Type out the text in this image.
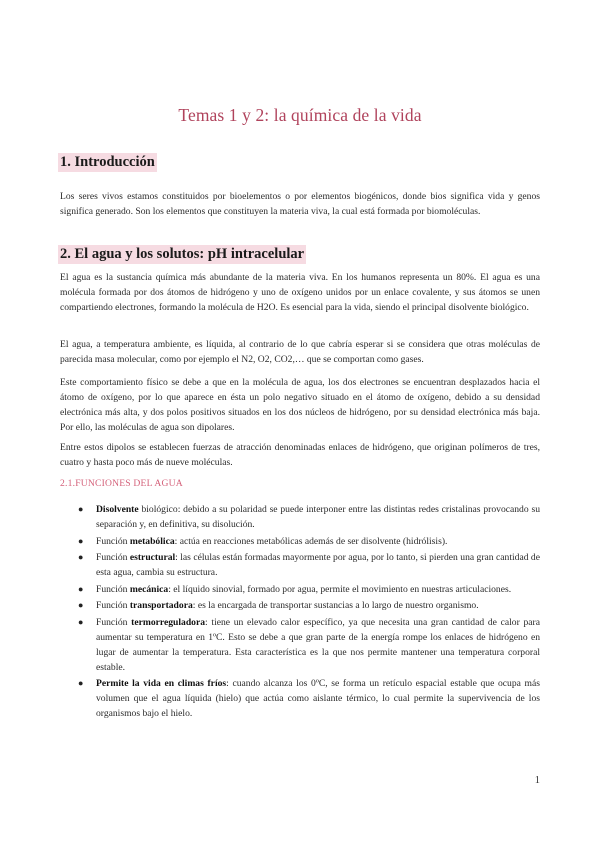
Temas 1 y 2: la química de la vida
1. Introducción

Los seres vivos estamos constituidos por bioelementos o por elementos biogénicos, donde bios significa vida y genos significa generado. Son los elementos que constituyen la materia viva, la cual está formada por biomoléculas.

2. El agua y los solutos: pH intracelular

El agua es la sustancia química más abundante de la materia viva. En los humanos representa un 80%. El agua es una molécula formada por dos átomos de hidrógeno y uno de oxígeno unidos por un enlace covalente, y sus átomos se unen compartiendo electrones, formando la molécula de H2O. Es esencial para la vida, siendo el principal disolvente biológico.

El agua, a temperatura ambiente, es líquida, al contrario de lo que cabría esperar si se considera que otras moléculas de parecida masa molecular, como por ejemplo el N2, O2, CO2,… que se comportan como gases.

Este comportamiento físico se debe a que en la molécula de agua, los dos electrones se encuentran desplazados hacia el átomo de oxígeno, por lo que aparece en ésta un polo negativo situado en el átomo de oxígeno, debido a su densidad electrónica más alta, y dos polos positivos situados en los dos núcleos de hidrógeno, por su densidad electrónica más baja. Por ello, las moléculas de agua son dipolares.

Entre estos dipolos se establecen fuerzas de atracción denominadas enlaces de hidrógeno, que originan polímeros de tres, cuatro y hasta poco más de nueve moléculas.

2.1.FUNCIONES DEL AGUA
● Disolvente biológico: debido a su polaridad se puede interponer entre las distintas redes cristalinas provocando su separación y, en definitiva, su disolución.
● Función metabólica: actúa en reacciones metabólicas además de ser disolvente (hidrólisis).
● Función estructural: las células están formadas mayormente por agua, por lo tanto, si pierden una gran cantidad de esta agua, cambia su estructura.
● Función mecánica: el líquido sinovial, formado por agua, permite el movimiento en nuestras articulaciones.
● Función transportadora: es la encargada de transportar sustancias a lo largo de nuestro organismo.
● Función termorreguladora: tiene un elevado calor específico, ya que necesita una gran cantidad de calor para aumentar su temperatura en 1ºC. Esto se debe a que gran parte de la energía rompe los enlaces de hidrógeno en lugar de aumentar la temperatura. Esta característica es la que nos permite mantener una temperatura corporal estable.
● Permite la vida en climas fríos: cuando alcanza los 0ºC, se forma un retículo espacial estable que ocupa más volumen que el agua líquida (hielo) que actúa como aislante térmico, lo cual permite la supervivencia de los organismos bajo el hielo.
1
